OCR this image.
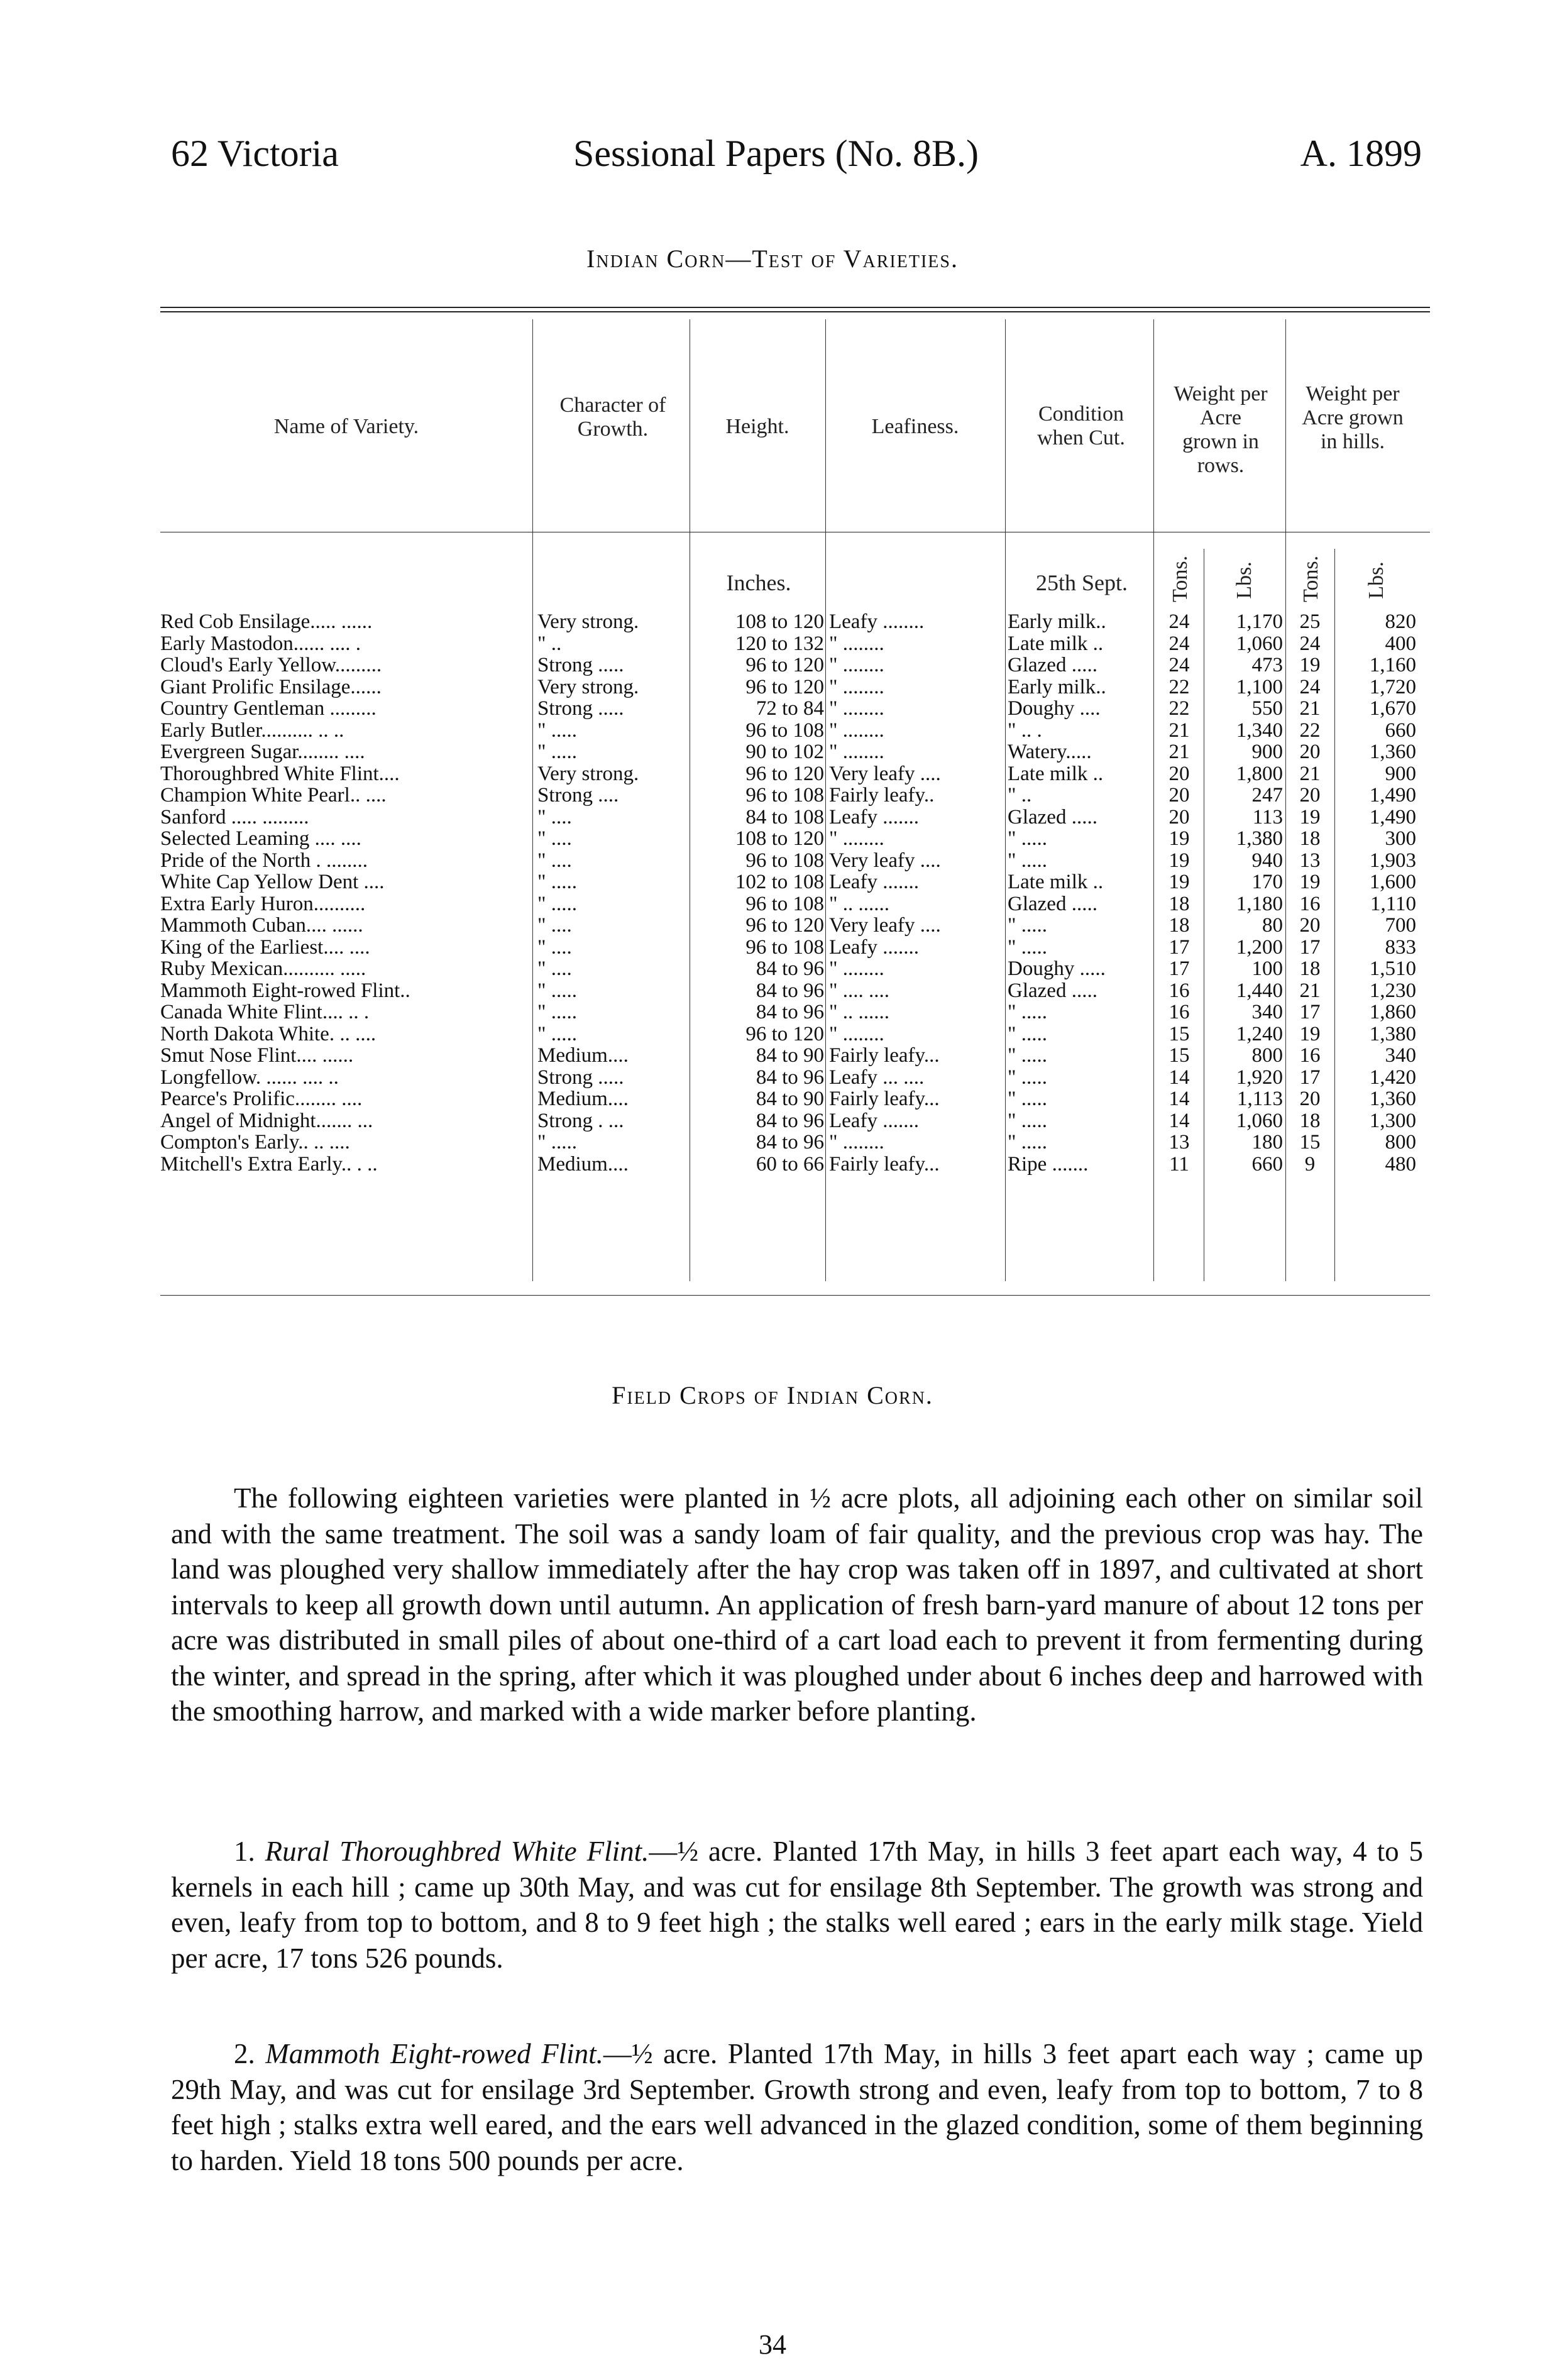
62 Victoria	Sessional Papers (No. 8B.)	A. 1899
Indian Corn—Test of Varieties.
Name of Variety.
Character of Growth.	Height.	Leafiness.
Condition when Cut.
Weight per Acre grown in rows.
Weight per Acre grown in hills.
Inches.	25th Sept.	Tons. Lbs. Tons. Lbs.
Red Cob Ensilage..... ......	Very strong.	108 to 120 Leafy ........	Early milk..	24	1,170 25	820
Early Mastodon...... .... .	" ..	120 to 132 " ........	Late milk ..	24	1,060 24	400
Cloud's Early Yellow.........	Strong .....	96 to 120 " ........	Glazed .....	24	473 19	1,160
Giant Prolific Ensilage......	Very strong.	96 to 120 " ........	Early milk..	22	1,100 24	1,720
Country Gentleman .........	Strong .....	72 to 84 " ........	Doughy ....	22	550 21	1,670
Early Butler.......... .. ..	" .....	96 to 108 " ........	" .. .	21	1,340 22	660
Evergreen Sugar........ ....	" .....	90 to 102 " ........	Watery.....	21	900 20	1,360
Thoroughbred White Flint....	Very strong.	96 to 120 Very leafy ....	Late milk ..	20	1,800 21	900
Champion White Pearl.. ....	Strong ....	96 to 108 Fairly leafy..	" ..	20	247 20	1,490
Sanford ..... .........	" ....	84 to 108 Leafy .......	Glazed .....	20	113 19	1,490
Selected Leaming .... ....	" ....	108 to 120 " ........	" .....	19	1,380 18	300
Pride of the North . ........	" ....	96 to 108 Very leafy ....	" .....	19	940 13	1,903
White Cap Yellow Dent ....	" .....	102 to 108 Leafy .......	Late milk ..	19	170 19	1,600
Extra Early Huron..........	" .....	96 to 108 " .. ......	Glazed .....	18	1,180 16	1,110
Mammoth Cuban.... ......	" ....	96 to 120 Very leafy ....	" .....	18	80 20	700
King of the Earliest.... ....	" ....	96 to 108 Leafy .......	" .....	17	1,200 17	833
Ruby Mexican.......... .....	" ....	84 to 96 " ........	Doughy .....	17	100 18	1,510
Mammoth Eight-rowed Flint..	" .....	84 to 96 " .... ....	Glazed .....	16	1,440 21	1,230
Canada White Flint.... .. .	" .....	84 to 96 " .. ......	" .....	16	340 17	1,860
North Dakota White. .. ....	" .....	96 to 120 " ........	" .....	15	1,240 19	1,380
Smut Nose Flint.... ......	Medium....	84 to 90 Fairly leafy...	" .....	15	800 16	340
Longfellow. ...... .... ..	Strong .....	84 to 96 Leafy ... ....	" .....	14	1,920 17	1,420
Pearce's Prolific........ ....	Medium....	84 to 90 Fairly leafy...	" .....	14	1,113 20	1,360
Angel of Midnight....... ...	Strong . ...	84 to 96 Leafy .......	" .....	14	1,060 18	1,300
Compton's Early.. .. ....	" .....	84 to 96 " ........	" .....	13	180 15	800
Mitchell's Extra Early.. . ..	Medium....	60 to 66 Fairly leafy...	Ripe .......	11	660	9	480
Field Crops of Indian Corn.

The following eighteen varieties were planted in ½ acre plots, all adjoining each other on similar soil and with the same treatment. The soil was a sandy loam of fair quality, and the previous crop was hay. The land was ploughed very shallow immediately after the hay crop was taken off in 1897, and cultivated at short intervals to keep all growth down until autumn. An application of fresh barn-yard manure of about 12 tons per acre was distributed in small piles of about one-third of a cart load each to prevent it from fermenting during the winter, and spread in the spring, after which it was ploughed under about 6 inches deep and harrowed with the smoothing harrow, and marked with a wide marker before planting.

1. Rural Thoroughbred White Flint.—½ acre. Planted 17th May, in hills 3 feet apart each way, 4 to 5 kernels in each hill ; came up 30th May, and was cut for ensilage 8th September. The growth was strong and even, leafy from top to bottom, and 8 to 9 feet high ; the stalks well eared ; ears in the early milk stage. Yield per acre, 17 tons 526 pounds.

2. Mammoth Eight-rowed Flint.—½ acre. Planted 17th May, in hills 3 feet apart each way ; came up 29th May, and was cut for ensilage 3rd September. Growth strong and even, leafy from top to bottom, 7 to 8 feet high ; stalks extra well eared, and the ears well advanced in the glazed condition, some of them beginning to harden. Yield 18 tons 500 pounds per acre.

34
